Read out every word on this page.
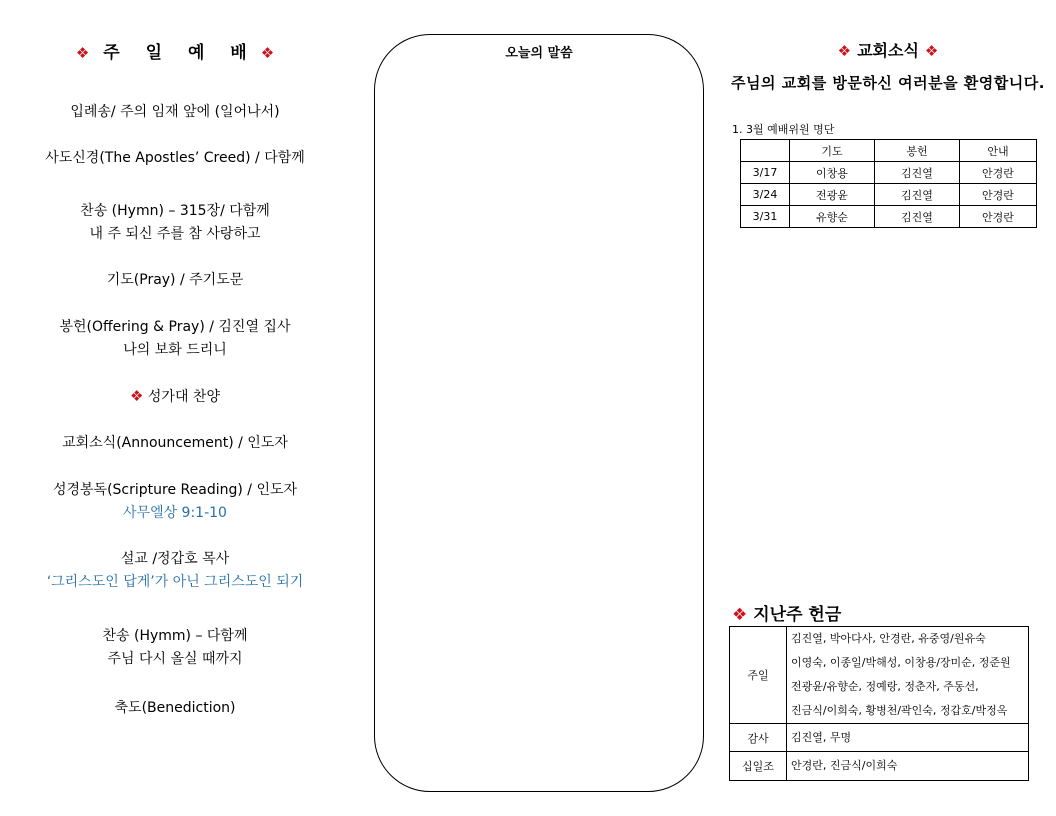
❖ 주 일 예 배 ❖
입례송/ 주의 임재 앞에 (일어나서)
사도신경(The Apostles’ Creed) / 다함께
찬송 (Hymn) – 315장/ 다함께
내 주 되신 주를 참 사랑하고
기도(Pray) / 주기도문
봉헌(Offering & Pray) / 김진열 집사
나의 보화 드리니
❖ 성가대 찬양
교회소식(Announcement) / 인도자
성경봉독(Scripture Reading) / 인도자
사무엘상 9:1-10
설교 /정갑호 목사
‘그리스도인 답게’가 아닌 그리스도인 되기
찬송 (Hymm) – 다함께
주님 다시 올실 때까지
축도(Benediction)
오늘의 말씀	❖ 교회소식 ❖
주님의 교회를 방문하신 여러분을 환영합니다.
1. 3월 예배위원 명단
	기도	봉헌	안내
3/17	이창용	김진열	안경란
3/24	전광윤	김진열	안경란
3/31	유향순	김진열	안경란
❖ 지난주 헌금
주일	김진열, 박아다사, 안경란, 유중영/원유숙
이영숙, 이종일/박해성, 이창용/장미순, 정준원
전광윤/유향순, 정예랑, 정춘자, 주동선,
진금식/이희숙, 황병천/곽인숙, 정갑호/박정옥

감사	김진열, 무명

십일조	안경란, 진금식/이희숙
